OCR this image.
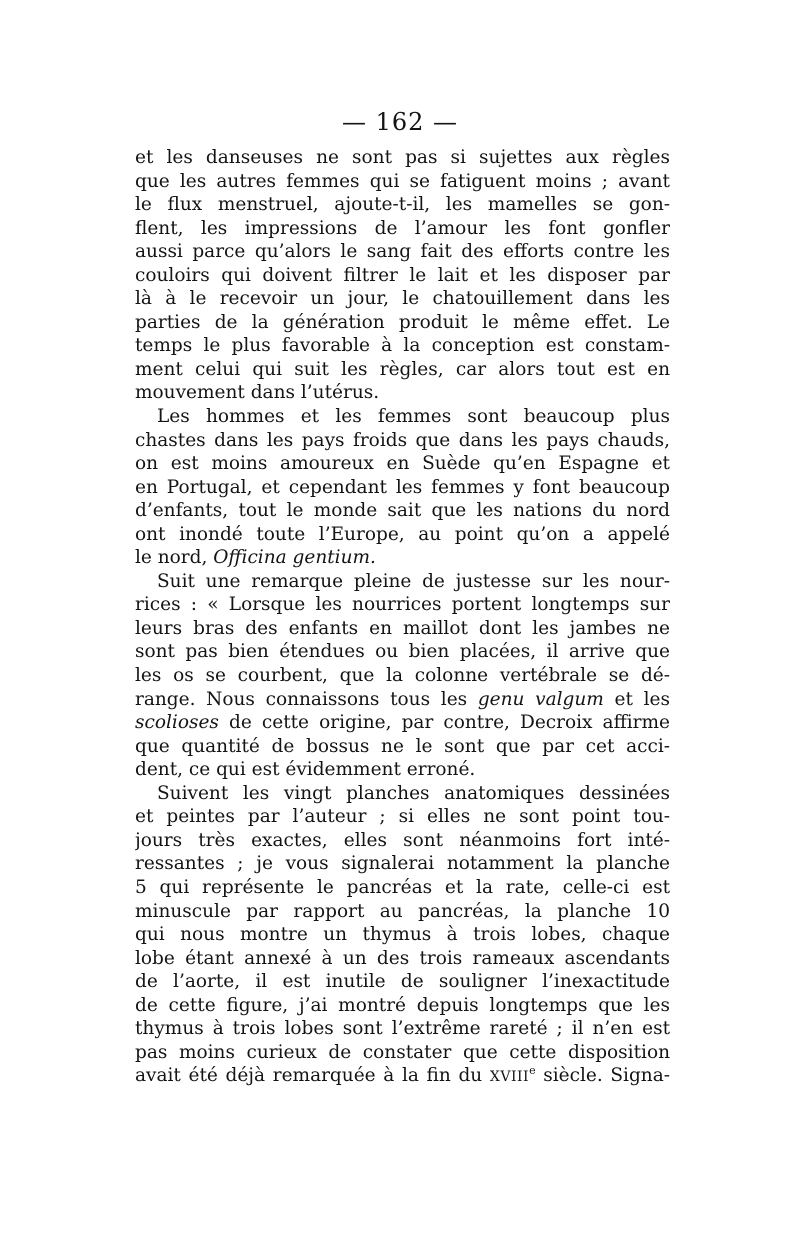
— 162 —

et les danseuses ne sont pas si sujettes aux règles
que les autres femmes qui se fatiguent moins ; avant
le flux menstruel, ajoute-t-il, les mamelles se gon-
flent, les impressions de l’amour les font gonfler
aussi parce qu’alors le sang fait des efforts contre les
couloirs qui doivent filtrer le lait et les disposer par
là à le recevoir un jour, le chatouillement dans les
parties de la génération produit le même effet. Le
temps le plus favorable à la conception est constam-
ment celui qui suit les règles, car alors tout est en
mouvement dans l’utérus.
Les hommes et les femmes sont beaucoup plus
chastes dans les pays froids que dans les pays chauds,
on est moins amoureux en Suède qu’en Espagne et
en Portugal, et cependant les femmes y font beaucoup
d’enfants, tout le monde sait que les nations du nord
ont inondé toute l’Europe, au point qu’on a appelé
le nord, Officina gentium.
Suit une remarque pleine de justesse sur les nour-
rices : « Lorsque les nourrices portent longtemps sur
leurs bras des enfants en maillot dont les jambes ne
sont pas bien étendues ou bien placées, il arrive que
les os se courbent, que la colonne vertébrale se dé-
range. Nous connaissons tous les genu valgum et les
scolioses de cette origine, par contre, Decroix affirme
que quantité de bossus ne le sont que par cet acci-
dent, ce qui est évidemment erroné.
Suivent les vingt planches anatomiques dessinées
et peintes par l’auteur ; si elles ne sont point tou-
jours très exactes, elles sont néanmoins fort inté-
ressantes ; je vous signalerai notamment la planche
5 qui représente le pancréas et la rate, celle-ci est
minuscule par rapport au pancréas, la planche 10
qui nous montre un thymus à trois lobes, chaque
lobe étant annexé à un des trois rameaux ascendants
de l’aorte, il est inutile de souligner l’inexactitude
de cette figure, j’ai montré depuis longtemps que les
thymus à trois lobes sont l’extrême rareté ; il n’en est
pas moins curieux de constater que cette disposition
avait été déjà remarquée à la fin du XVIIIe siècle. Signa-
